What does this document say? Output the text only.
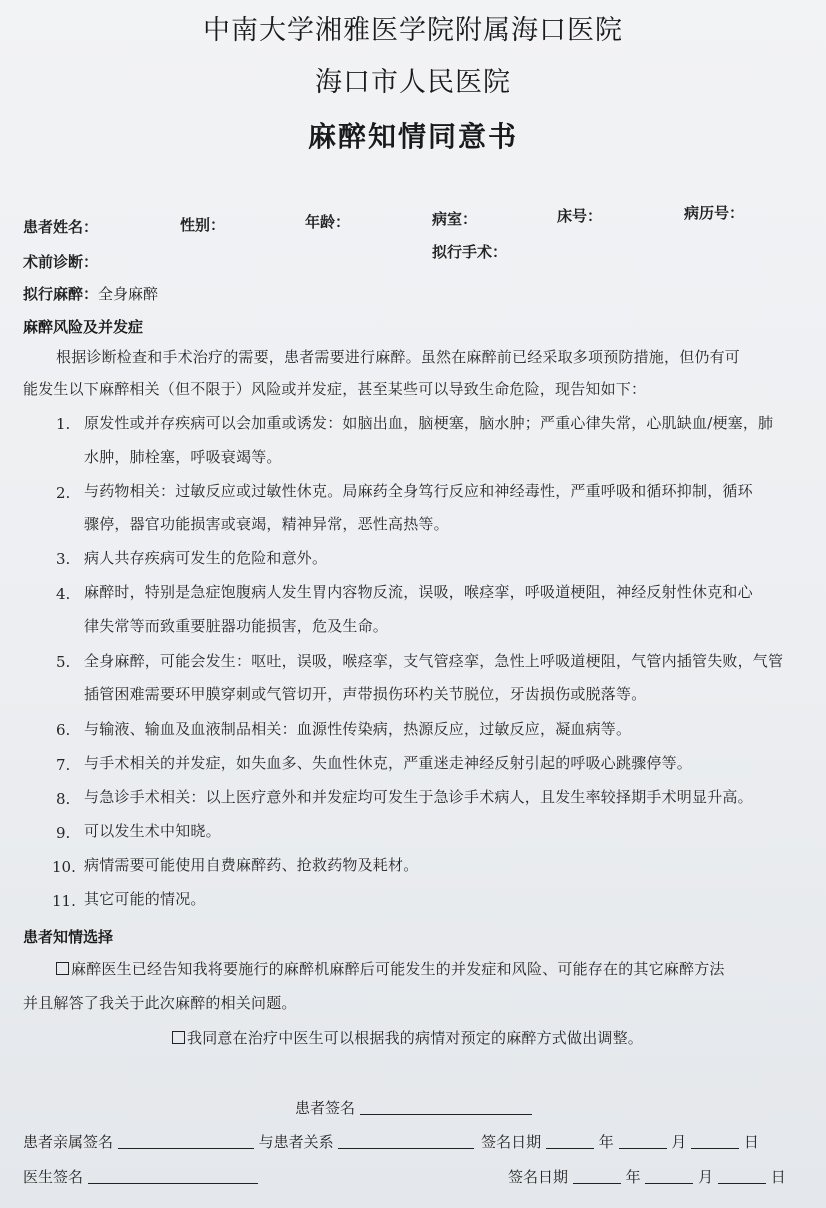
中南大学湘雅医学院附属海口医院
海口市人民医院
麻醉知情同意书
患者姓名：	性别：	年龄：	病室：	床号：	病历号：
术前诊断：
拟行手术：
拟行麻醉：全身麻醉
麻醉风险及并发症
根据诊断检查和手术治疗的需要，患者需要进行麻醉。虽然在麻醉前已经采取多项预防措施，但仍有可
能发生以下麻醉相关（但不限于）风险或并发症，甚至某些可以导致生命危险，现告知如下：
1. 原发性或并存疾病可以会加重或诱发：如脑出血，脑梗塞，脑水肿；严重心律失常，心肌缺血/梗塞，肺
水肿，肺栓塞，呼吸衰竭等。
2. 与药物相关：过敏反应或过敏性休克。局麻药全身笃行反应和神经毒性，严重呼吸和循环抑制，循环
骤停，器官功能损害或衰竭，精神异常，恶性高热等。
3. 病人共存疾病可发生的危险和意外。
4. 麻醉时，特别是急症饱腹病人发生胃内容物反流，误吸，喉痉挛，呼吸道梗阻，神经反射性休克和心
律失常等而致重要脏器功能损害，危及生命。
5. 全身麻醉，可能会发生：呕吐，误吸，喉痉挛，支气管痉挛，急性上呼吸道梗阻，气管内插管失败，气管
插管困难需要环甲膜穿刺或气管切开，声带损伤环杓关节脱位，牙齿损伤或脱落等。
6. 与输液、输血及血液制品相关：血源性传染病，热源反应，过敏反应，凝血病等。
7. 与手术相关的并发症，如失血多、失血性休克，严重迷走神经反射引起的呼吸心跳骤停等。
8. 与急诊手术相关：以上医疗意外和并发症均可发生于急诊手术病人，且发生率较择期手术明显升高。
9. 可以发生术中知晓。
10. 病情需要可能使用自费麻醉药、抢救药物及耗材。
11. 其它可能的情况。
患者知情选择
麻醉医生已经告知我将要施行的麻醉机麻醉后可能发生的并发症和风险、可能存在的其它麻醉方法
并且解答了我关于此次麻醉的相关问题。
我同意在治疗中医生可以根据我的病情对预定的麻醉方式做出调整。
患者签名
患者亲属签名	与患者关系	签名日期	年	月	日
医生签名	签名日期	年	月	日
